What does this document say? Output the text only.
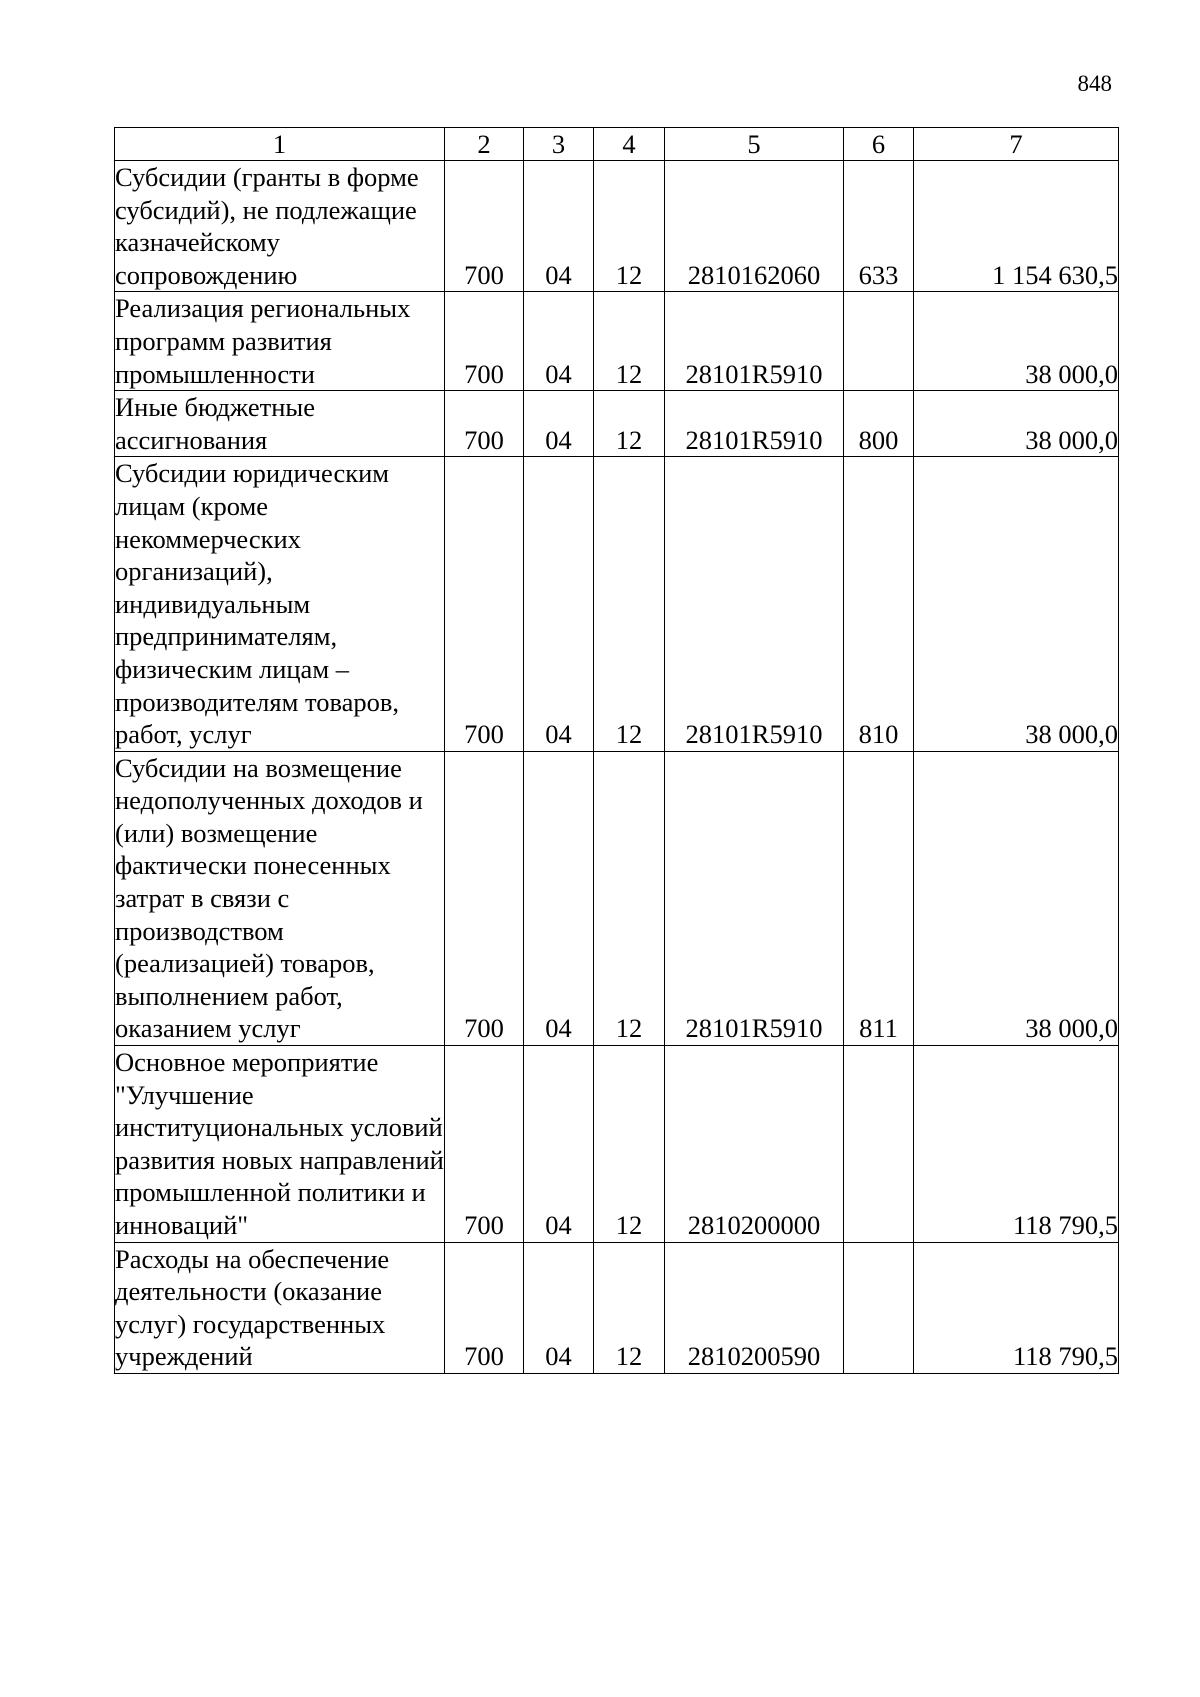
848
1	2	3	4	5	6	7
Субсидии (гранты в форме субсидий), не подлежащие казначейскому сопровождению	700	04	12	2810162060	633	1 154 630,5
Реализация региональных программ развития промышленности	700	04	12	28101R5910		38 000,0
Иные бюджетные ассигнования	700	04	12	28101R5910	800	38 000,0
Субсидии юридическим лицам (кроме некоммерческих организаций), индивидуальным предпринимателям, физическим лицам – производителям товаров, работ, услуг	700	04	12	28101R5910	810	38 000,0
Субсидии на возмещение недополученных доходов и (или) возмещение фактически понесенных затрат в связи с производством (реализацией) товаров, выполнением работ, оказанием услуг	700	04	12	28101R5910	811	38 000,0
Основное мероприятие "Улучшение институциональных условий развития новых направлений промышленной политики и инноваций"	700	04	12	2810200000		118 790,5
Расходы на обеспечение деятельности (оказание услуг) государственных учреждений	700	04	12	2810200590		118 790,5
